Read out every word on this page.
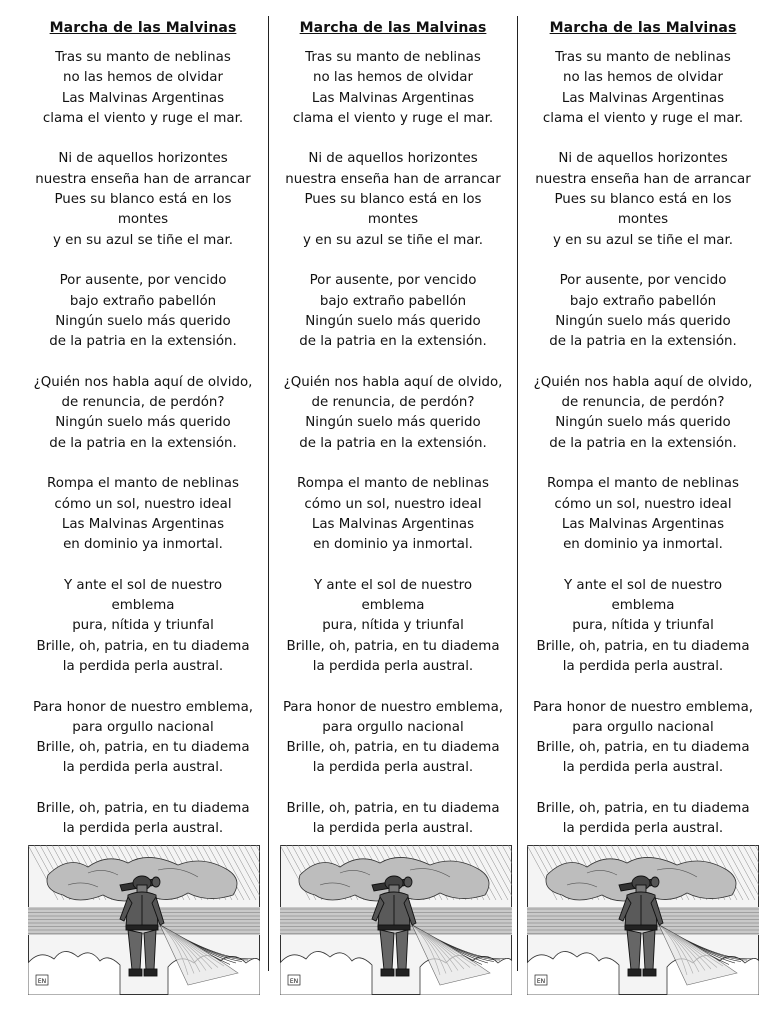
Marcha de las Malvinas
Tras su manto de neblinas
no las hemos de olvidar
Las Malvinas Argentinas
clama el viento y ruge el mar.
Ni de aquellos horizontes
nuestra enseña han de arrancar
Pues su blanco está en los
montes
y en su azul se tiñe el mar.
Por ausente, por vencido
bajo extraño pabellón
Ningún suelo más querido
de la patria en la extensión.
¿Quién nos habla aquí de olvido,
de renuncia, de perdón?
Ningún suelo más querido
de la patria en la extensión.
Rompa el manto de neblinas
cómo un sol, nuestro ideal
Las Malvinas Argentinas
en dominio ya inmortal.
Y ante el sol de nuestro
emblema
pura, nítida y triunfal
Brille, oh, patria, en tu diadema
la perdida perla austral.
Para honor de nuestro emblema,
para orgullo nacional
Brille, oh, patria, en tu diadema
la perdida perla austral.
Brille, oh, patria, en tu diadema
la perdida perla austral.
Marcha de las Malvinas
Tras su manto de neblinas
no las hemos de olvidar
Las Malvinas Argentinas
clama el viento y ruge el mar.
Ni de aquellos horizontes
nuestra enseña han de arrancar
Pues su blanco está en los
montes
y en su azul se tiñe el mar.
Por ausente, por vencido
bajo extraño pabellón
Ningún suelo más querido
de la patria en la extensión.
¿Quién nos habla aquí de olvido,
de renuncia, de perdón?
Ningún suelo más querido
de la patria en la extensión.
Rompa el manto de neblinas
cómo un sol, nuestro ideal
Las Malvinas Argentinas
en dominio ya inmortal.
Y ante el sol de nuestro
emblema
pura, nítida y triunfal
Brille, oh, patria, en tu diadema
la perdida perla austral.
Para honor de nuestro emblema,
para orgullo nacional
Brille, oh, patria, en tu diadema
la perdida perla austral.
Brille, oh, patria, en tu diadema
la perdida perla austral.
Marcha de las Malvinas
Tras su manto de neblinas
no las hemos de olvidar
Las Malvinas Argentinas
clama el viento y ruge el mar.
Ni de aquellos horizontes
nuestra enseña han de arrancar
Pues su blanco está en los
montes
y en su azul se tiñe el mar.
Por ausente, por vencido
bajo extraño pabellón
Ningún suelo más querido
de la patria en la extensión.
¿Quién nos habla aquí de olvido,
de renuncia, de perdón?
Ningún suelo más querido
de la patria en la extensión.
Rompa el manto de neblinas
cómo un sol, nuestro ideal
Las Malvinas Argentinas
en dominio ya inmortal.
Y ante el sol de nuestro
emblema
pura, nítida y triunfal
Brille, oh, patria, en tu diadema
la perdida perla austral.
Para honor de nuestro emblema,
para orgullo nacional
Brille, oh, patria, en tu diadema
la perdida perla austral.
Brille, oh, patria, en tu diadema
la perdida perla austral.
EN	EN	EN
